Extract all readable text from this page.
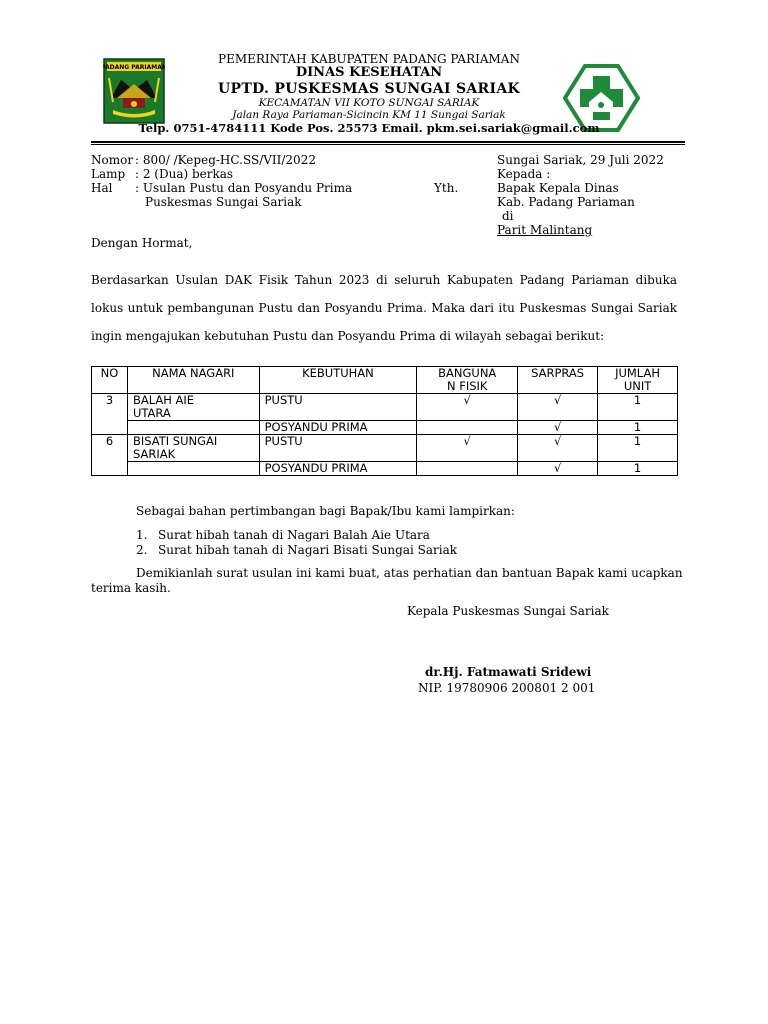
PADANG PARIAMAN
PEMERINTAH KABUPATEN PADANG PARIAMAN
DINAS KESEHATAN
UPTD. PUSKESMAS SUNGAI SARIAK
KECAMATAN VII KOTO SUNGAI SARIAK
Jalan Raya Pariaman-Sicincin KM 11 Sungai Sariak
Telp. 0751-4784111 Kode Pos. 25573 Email. pkm.sei.sariak@gmail.com
Nomor : 800/ /Kepeg-HC.SS/VII/2022
Lamp : 2 (Dua) berkas
Hal : Usulan Pustu dan Posyandu Prima
Puskesmas Sungai Sariak
Yth.
Sungai Sariak, 29 Juli 2022
Kepada :
Bapak Kepala Dinas
Kab. Padang Pariaman
di
Parit Malintang
Dengan Hormat,
Berdasarkan Usulan DAK Fisik Tahun 2023 di seluruh Kabupaten Padang Pariaman dibuka
lokus untuk pembangunan Pustu dan Posyandu Prima. Maka dari itu Puskesmas Sungai Sariak
ingin mengajukan kebutuhan Pustu dan Posyandu Prima di wilayah sebagai berikut:
NO	NAMA NAGARI	KEBUTUHAN	BANGUNA
N FISIK	SARPRAS	JUMLAH
UNIT
3	BALAH AIE
UTARA	PUSTU	√	√	1
		POSYANDU PRIMA		√	1
6	BISATI SUNGAI
SARIAK	PUSTU	√	√	1
		POSYANDU PRIMA		√	1
Sebagai bahan pertimbangan bagi Bapak/Ibu kami lampirkan:
1. Surat hibah tanah di Nagari Balah Aie Utara
2. Surat hibah tanah di Nagari Bisati Sungai Sariak
Demikianlah surat usulan ini kami buat, atas perhatian dan bantuan Bapak kami ucapkan
terima kasih.
Kepala Puskesmas Sungai Sariak
dr.Hj. Fatmawati Sridewi
NIP. 19780906 200801 2 001
